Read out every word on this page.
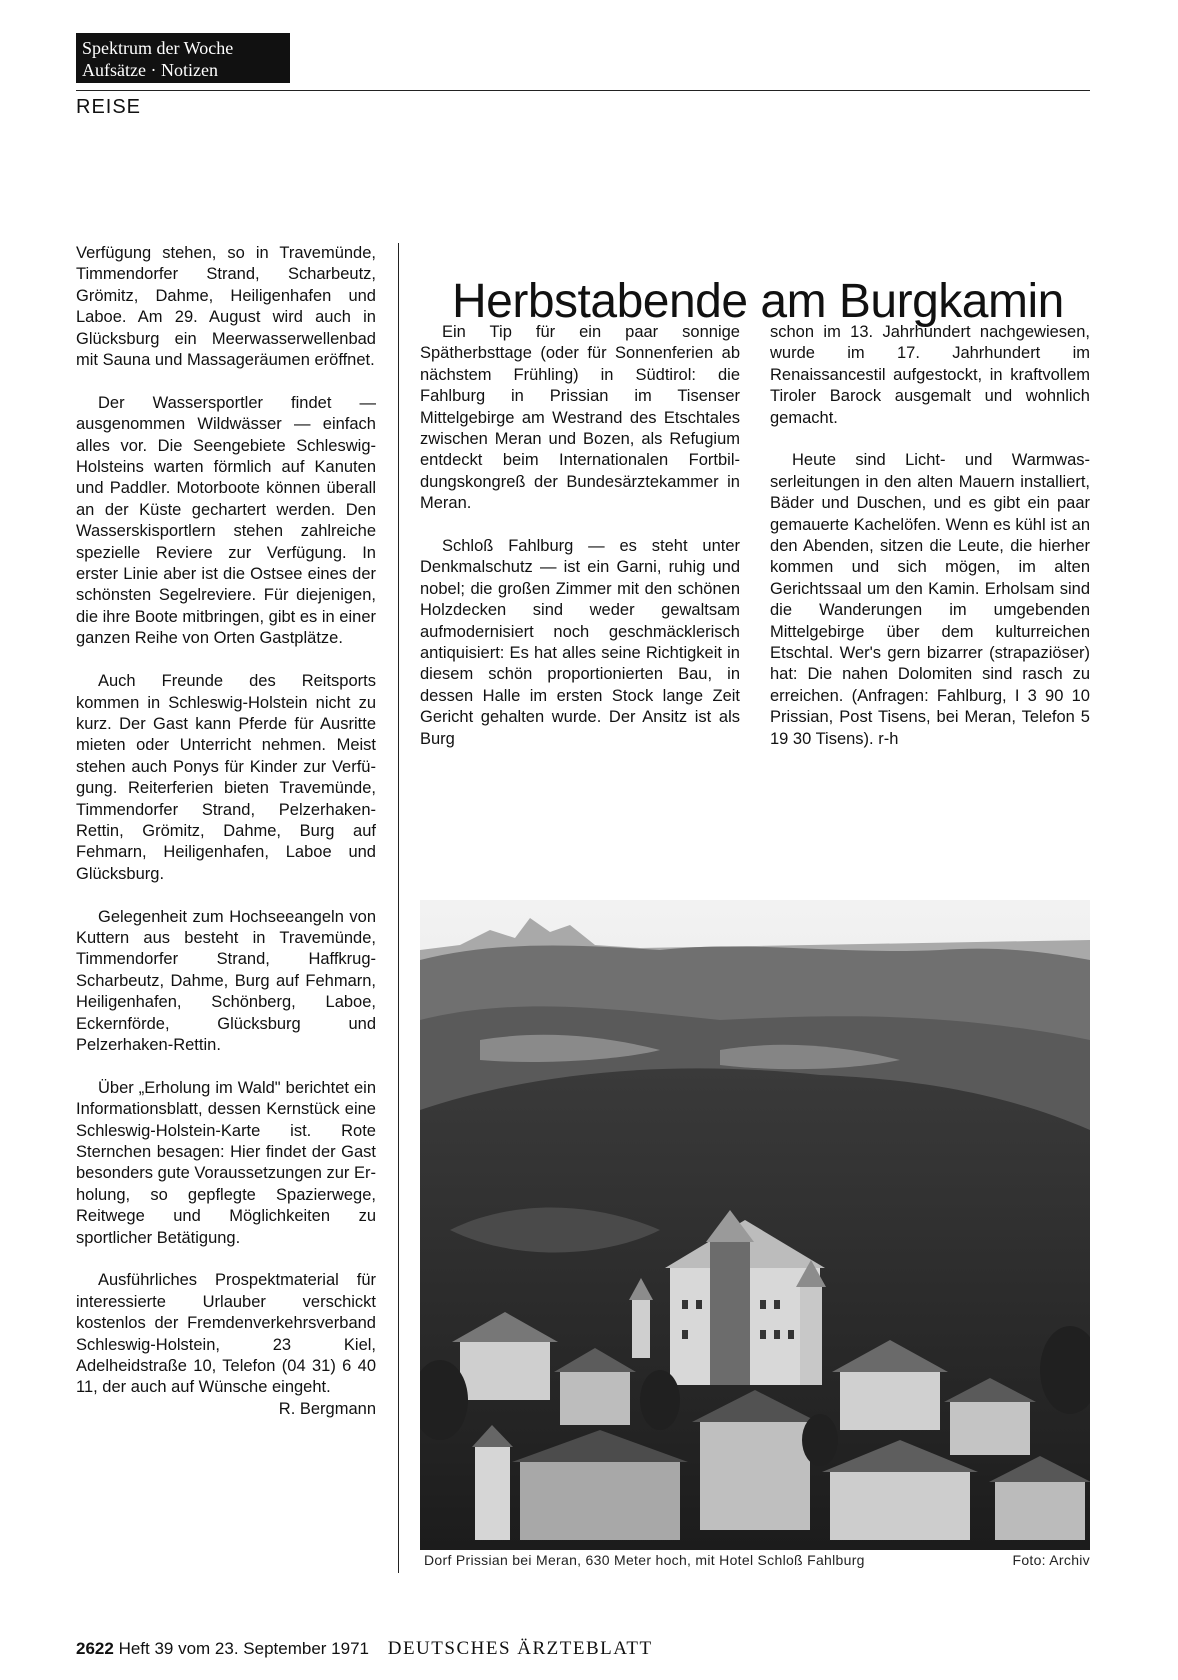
Spektrum der Woche
Aufsätze · Notizen
REISE

Verfügung stehen, so in Travemünde, Timmendorfer Strand, Scharbeutz, Grömitz, Dahme, Heiligenhafen und Laboe. Am 29. August wird auch in Glücksburg ein Meerwasserwellenbad mit Sauna und Massageräumen eröffnet.

Der Wassersportler findet — ausgenommen Wildwässer — einfach alles vor. Die Seengebiete Schleswig-Holsteins warten förmlich auf Kanuten und Paddler. Motorboote können überall an der Küste gechartert werden. Den Wasserskisportlern stehen zahlreiche spezielle Reviere zur Verfügung. In erster Linie aber ist die Ostsee eines der schönsten Segelreviere. Für diejenigen, die ihre Boote mitbringen, gibt es in einer ganzen Reihe von Orten Gastplätze.

Auch Freunde des Reitsports kommen in Schleswig-Holstein nicht zu kurz. Der Gast kann Pferde für Ausritte mieten oder Unterricht nehmen. Meist stehen auch Ponys für Kinder zur Verfügung. Reiterferien bieten Travemünde, Timmendorfer Strand, Pelzerhaken-Rettin, Grömitz, Dahme, Burg auf Fehmarn, Heiligenhafen, Laboe und Glücksburg.

Gelegenheit zum Hochseeangeln von Kuttern aus besteht in Travemünde, Timmendorfer Strand, Haffkrug-Scharbeutz, Dahme, Burg auf Fehmarn, Heiligenhafen, Schönberg, Laboe, Eckernförde, Glücksburg und Pelzerhaken-Rettin.

Über „Erholung im Wald" berichtet ein Informationsblatt, dessen Kernstück eine Schleswig-Holstein-Karte ist. Rote Sternchen besagen: Hier findet der Gast besonders gute Voraussetzungen zur Erholung, so gepflegte Spazierwege, Reitwege und Möglichkeiten zu sportlicher Betätigung.

Ausführliches Prospektmaterial für interessierte Urlauber verschickt kostenlos der Fremdenverkehrsverband Schleswig-Holstein, 23 Kiel, Adelheidstraße 10, Telefon (04 31) 6 40 11, der auch auf Wünsche eingeht.
R. Bergmann

Herbstabende am Burgkamin

Ein Tip für ein paar sonnige Spätherbsttage (oder für Sonnenferien ab nächstem Frühling) in Südtirol: die Fahlburg in Prissian im Tisenser Mittelgebirge am Westrand des Etschtales zwischen Meran und Bozen, als Refugium entdeckt beim Internationalen Fortbildungskongreß der Bundesärztekammer in Meran.

Schloß Fahlburg — es steht unter Denkmalschutz — ist ein Garni, ruhig und nobel; die großen Zimmer mit den schönen Holzdecken sind weder gewaltsam aufmodernisiert noch geschmäcklerisch antiquisiert: Es hat alles seine Richtigkeit in diesem schön proportionierten Bau, in dessen Halle im ersten Stock lange Zeit Gericht gehalten wurde. Der Ansitz ist als Burg

schon im 13. Jahrhundert nachgewiesen, wurde im 17. Jahrhundert im Renaissancestil aufgestockt, in kraftvollem Tiroler Barock ausgemalt und wohnlich gemacht.

Heute sind Licht- und Warmwasserleitungen in den alten Mauern installiert, Bäder und Duschen, und es gibt ein paar gemauerte Kachelöfen. Wenn es kühl ist an den Abenden, sitzen die Leute, die hierher kommen und sich mögen, im alten Gerichtssaal um den Kamin. Erholsam sind die Wanderungen im umgebenden Mittelgebirge über dem kulturreichen Etschtal. Wer's gern bizarrer (strapaziöser) hat: Die nahen Dolomiten sind rasch zu erreichen. (Anfragen: Fahlburg, I 3 90 10 Prissian, Post Tisens, bei Meran, Telefon 5 19 30 Tisens). r-h

Dorf Prissian bei Meran, 630 Meter hoch, mit Hotel Schloß Fahlburg	Foto: Archiv
2622 Heft 39 vom 23. September 1971 DEUTSCHES ÄRZTEBLATT
